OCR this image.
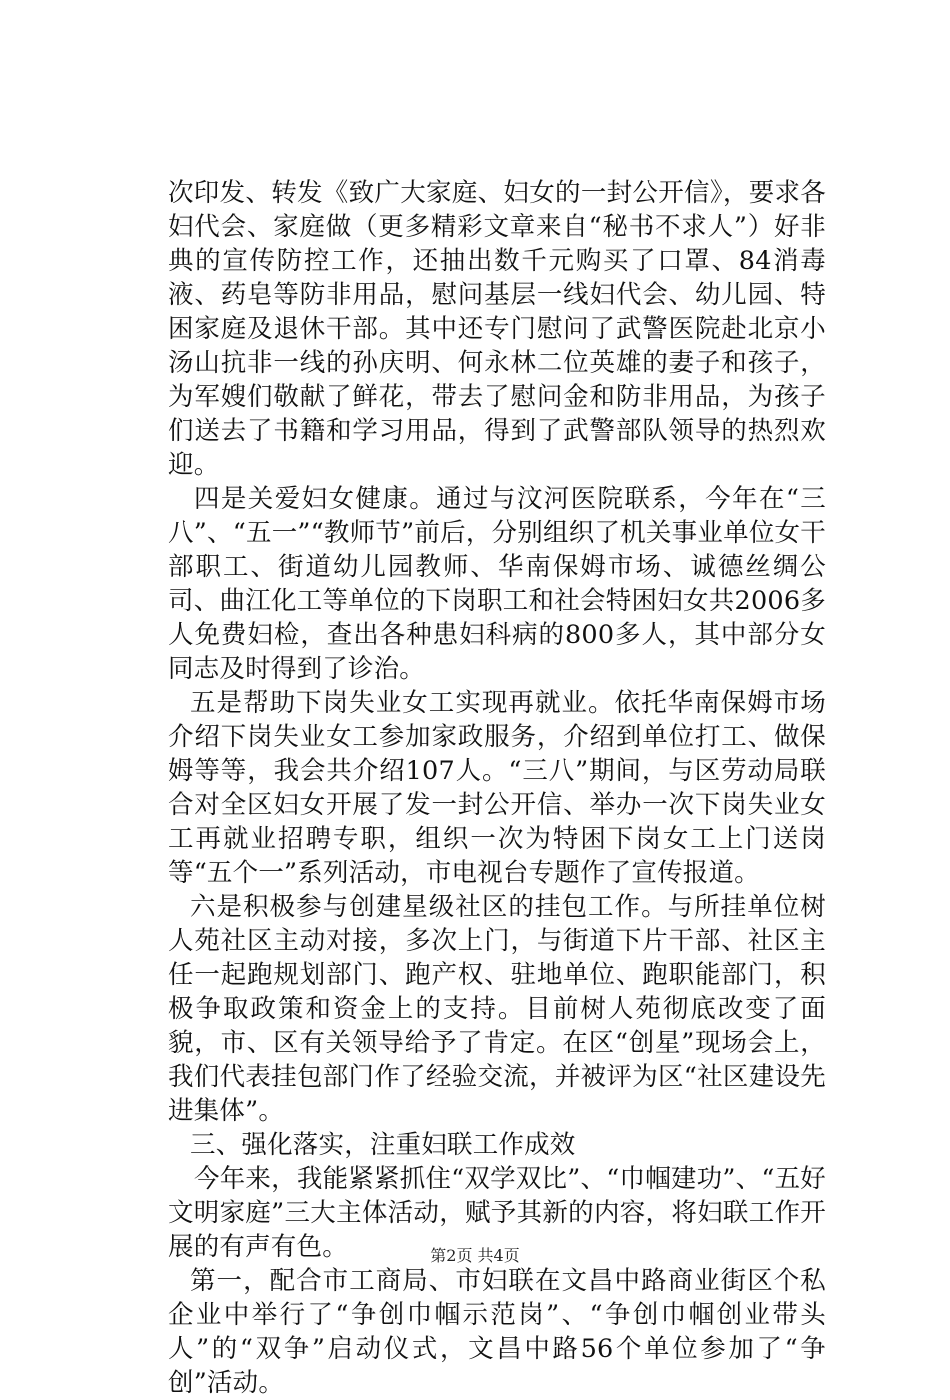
次印发、转发《致广大家庭、妇女的一封公开信》，要求各妇代会、家庭做（更多精彩文章来自“秘书不求人”）好非典的宣传防控工作，还抽出数千元购买了口罩、84消毒液、药皂等防非用品，慰问基层一线妇代会、幼儿园、特困家庭及退休干部。其中还专门慰问了武警医院赴北京小汤山抗非一线的孙庆明、何永林二位英雄的妻子和孩子，为军嫂们敬献了鲜花，带去了慰问金和防非用品，为孩子们送去了书籍和学习用品，得到了武警部队领导的热烈欢迎。

四是关爱妇女健康。通过与汶河医院联系，今年在“三八”、“五一”“教师节”前后，分别组织了机关事业单位女干部职工、街道幼儿园教师、华南保姆市场、诚德丝绸公司、曲江化工等单位的下岗职工和社会特困妇女共2006多人免费妇检，查出各种患妇科病的800多人，其中部分女同志及时得到了诊治。

五是帮助下岗失业女工实现再就业。依托华南保姆市场介绍下岗失业女工参加家政服务，介绍到单位打工、做保姆等等，我会共介绍107人。“三八”期间，与区劳动局联合对全区妇女开展了发一封公开信、举办一次下岗失业女工再就业招聘专职，组织一次为特困下岗女工上门送岗等“五个一”系列活动，市电视台专题作了宣传报道。

六是积极参与创建星级社区的挂包工作。与所挂单位树人苑社区主动对接，多次上门，与街道下片干部、社区主任一起跑规划部门、跑产权、驻地单位、跑职能部门，积极争取政策和资金上的支持。目前树人苑彻底改变了面貌，市、区有关领导给予了肯定。在区“创星”现场会上，我们代表挂包部门作了经验交流，并被评为区“社区建设先进集体”。

三、强化落实，注重妇联工作成效

今年来，我能紧紧抓住“双学双比”、“巾帼建功”、“五好文明家庭”三大主体活动，赋予其新的内容，将妇联工作开展的有声有色。

第一，配合市工商局、市妇联在文昌中路商业街区个私企业中举行了“争创巾帼示范岗”、“争创巾帼创业带头人”的“双争”启动仪式，文昌中路56个单位参加了“争创”活动。

第2页 共4页
